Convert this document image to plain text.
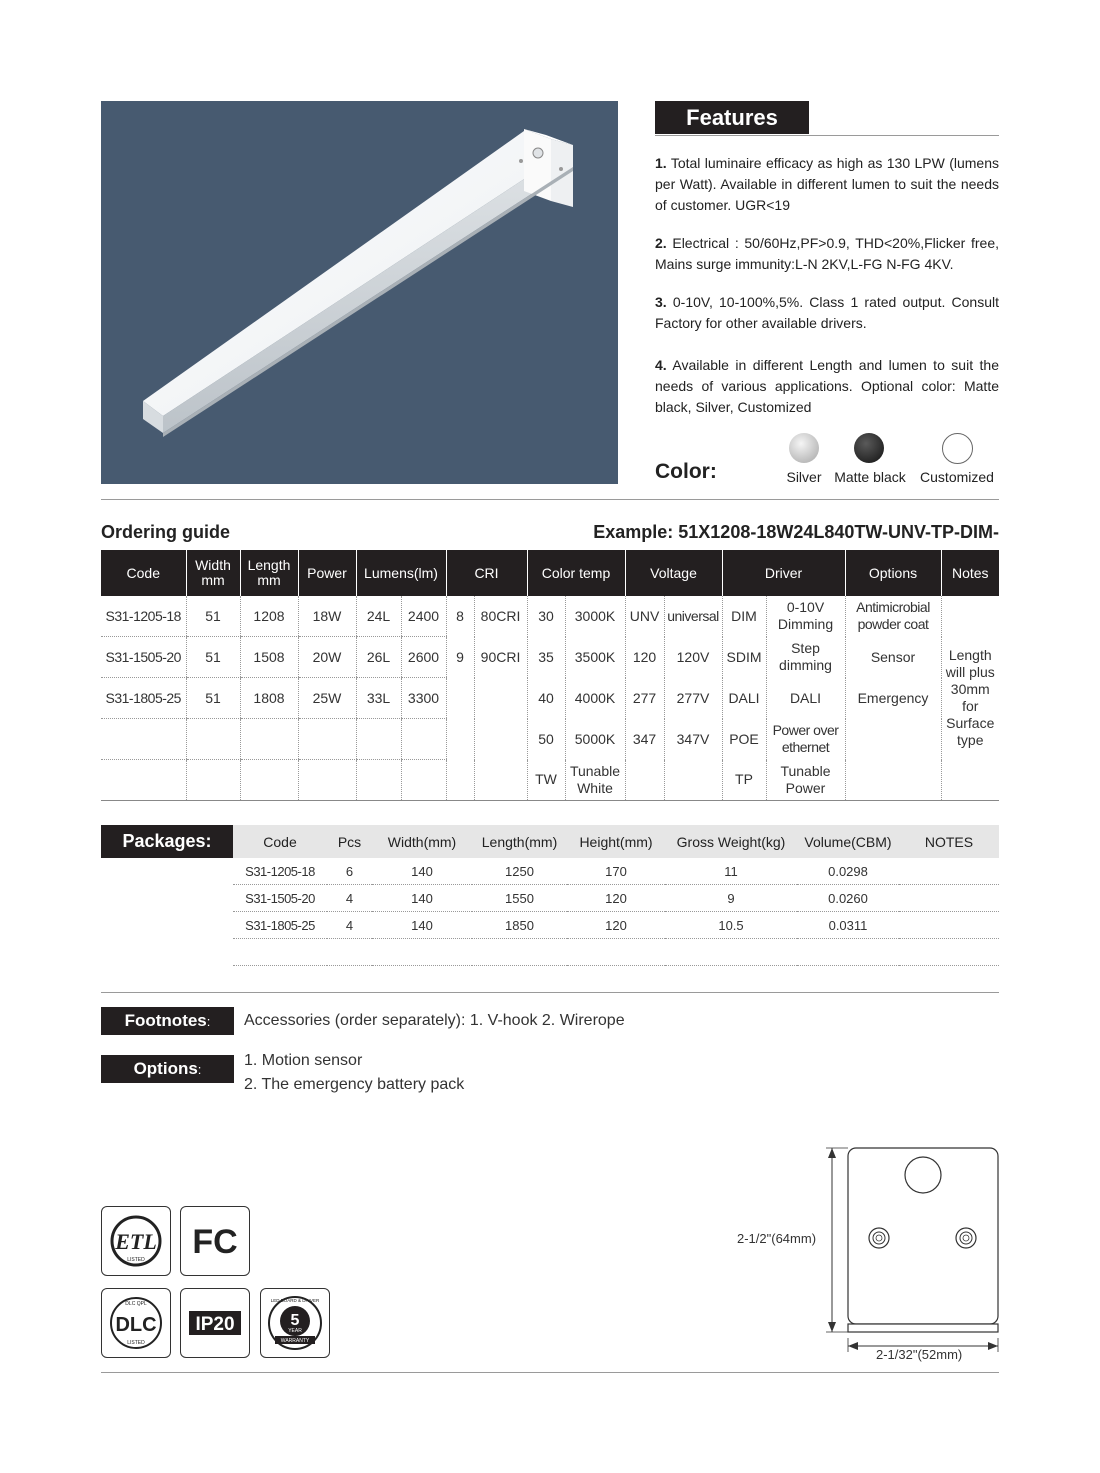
Features
1. Total luminaire efficacy as high as 130 LPW (lumens per Watt). Available in different lumen to suit the needs of customer. UGR<19
2. Electrical : 50/60Hz,PF>0.9, THD<20%,Flicker free, Mains surge immunity:L-N 2KV,L-FG N-FG 4KV.
3. 0-10V, 10-100%,5%. Class 1 rated output. Consult Factory for other available drivers.
4. Available in different Length and lumen to suit the needs of various applications. Optional color: Matte black, Silver, Customized
Color:	Silver Matte black	Customized
Ordering guide	Example: 51X1208-18W24L840TW-UNV-TP-DIM-
Code	Width mm	Length mm	Power	Lumens(lm)		CRI		Color temp		Voltage		Driver		Options	Notes
S31-1205-18	51	1208	18W	24L	2400	8	80CRI	30	3000K	UNV	universal	DIM	0-10V Dimming	Antimicrobial powder coat	Length will plus 30mm for Surface type
S31-1505-20	51	1508	20W	26L	2600	9	90CRI	35	3500K	120	120V	SDIM	Step dimming	Sensor	
S31-1805-25	51	1808	25W	33L	3300			40	4000K	277	277V	DALI	DALI	Emergency	
								50	5000K	347	347V	POE	Power over ethernet		
								TW	Tunable White			TP	Tunable Power		
Packages:	Code	Pcs	Width(mm)	Length(mm)	Height(mm)	Gross Weight(kg)	Volume(CBM)	NOTES
S31-1205-18	6	140	1250	170	11	0.0298	
S31-1505-20	4	140	1550	120	9	0.0260	
S31-1805-25	4	140	1850	120	10.5	0.0311	

Footnotes:	Accessories (order separately): 1. V-hook 2. Wirerope
Options:
1. Motion sensor
2. The emergency battery pack
ETL
LISTED FC
DLC QPL
DLC
LISTED
IP20
LED BOARD & DRIVER
5
YEAR
WARRANTY
2-1/2"(64mm)
2-1/32"(52mm)
